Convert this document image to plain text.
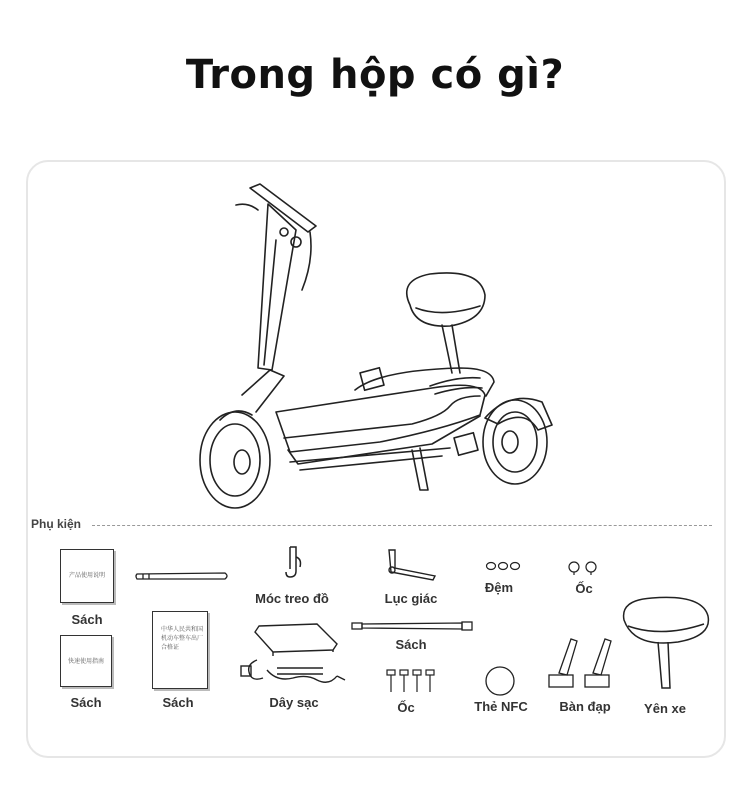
Trong hộp có gì?
Phụ kiện
产品使用说明
Sách
Móc treo đồ	Lục giác
Đệm	Ốc
快速使用指南
Sách
中华人民共和国 机动车整车出厂合格证
Sách	Dây sạc
Sách
Ốc	Thẻ NFC Bàn đạp	Yên xe
